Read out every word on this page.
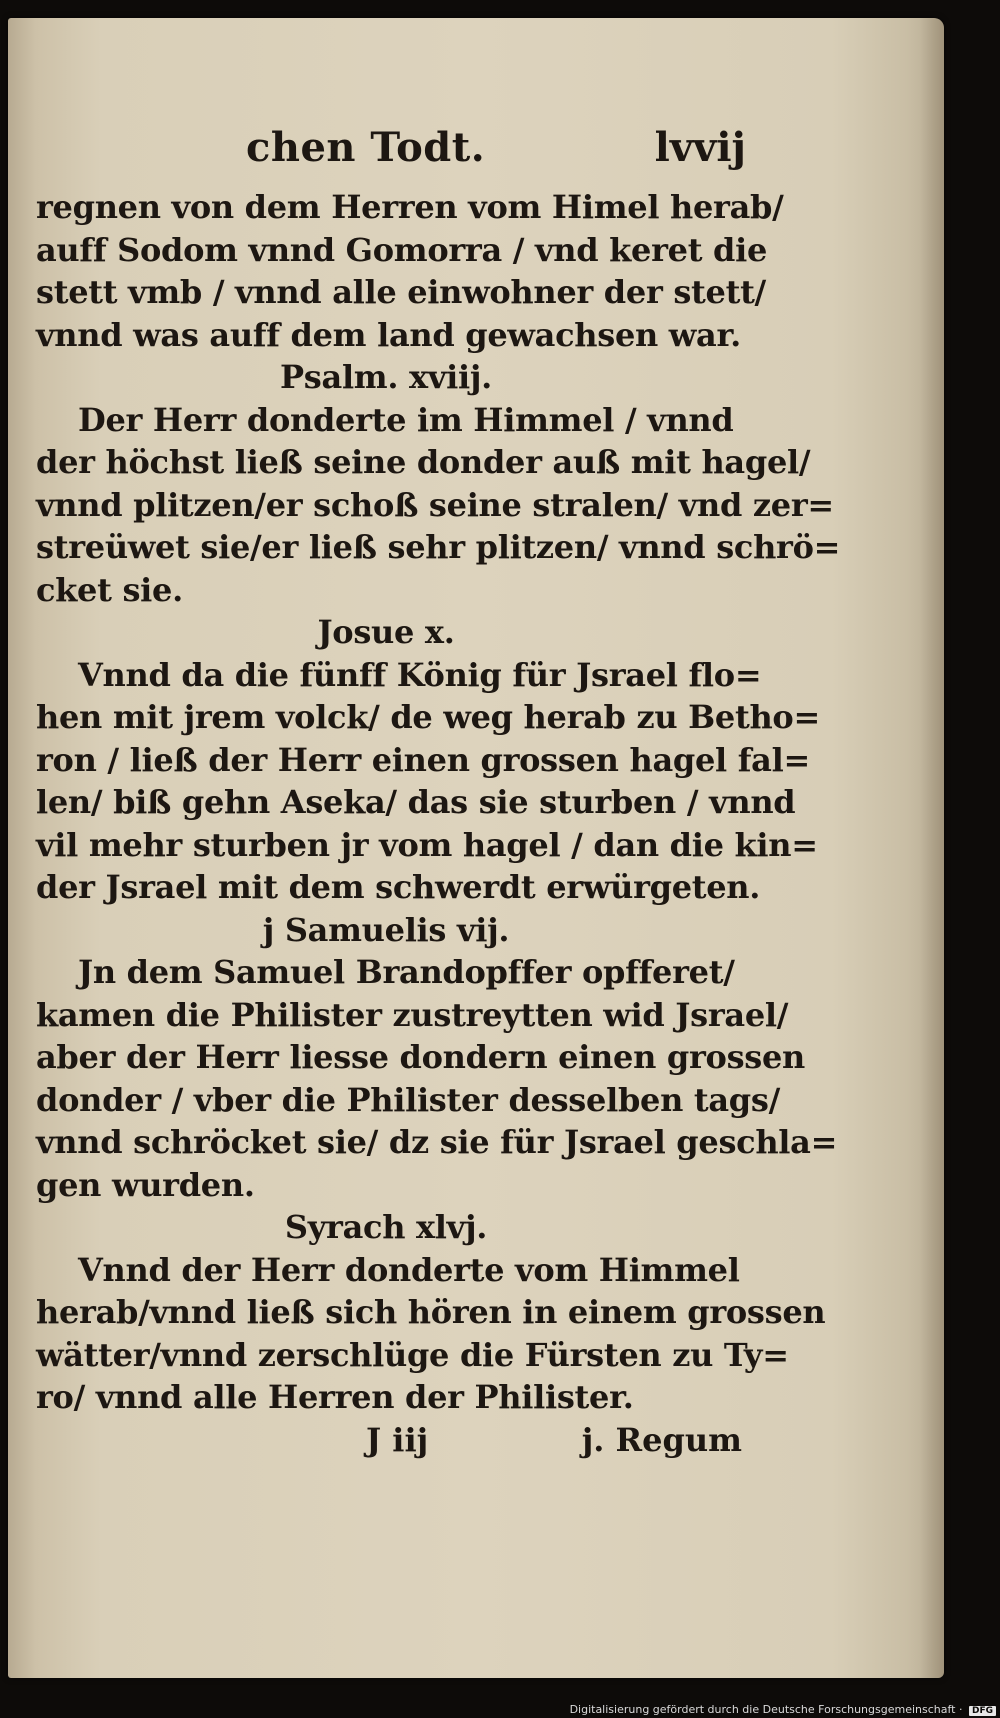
chen Todt.	lvvij
regnen von dem Herren vom Himel herab/
auff Sodom vnnd Gomorra / vnd keret die
stett vmb / vnnd alle einwohner der stett/
vnnd was auff dem land gewachsen war.
Psalm. xviij.
Der Herr donderte im Himmel / vnnd
der höchst ließ seine donder auß mit hagel/
vnnd plitzen/er schoß seine stralen/ vnd zer=
streüwet sie/er ließ sehr plitzen/ vnnd schrö=
cket sie.
Josue x.
Vnnd da die fünff König für Jsrael flo=
hen mit jrem volck/ de weg herab zu Betho=
ron / ließ der Herr einen grossen hagel fal=
len/ biß gehn Aseka/ das sie sturben / vnnd
vil mehr sturben jr vom hagel / dan die kin=
der Jsrael mit dem schwerdt erwürgeten.
j Samuelis vij.
Jn dem Samuel Brandopffer opfferet/
kamen die Philister zustreytten wid Jsrael/
aber der Herr liesse dondern einen grossen
donder / vber die Philister desselben tags/
vnnd schröcket sie/ dz sie für Jsrael geschla=
gen wurden.
Syrach xlvj.
Vnnd der Herr donderte vom Himmel
herab/vnnd ließ sich hören in einem grossen
wätter/vnnd zerschlüge die Fürsten zu Ty=
ro/ vnnd alle Herren der Philister.
J iij	j. Regum
Digitalisierung gefördert durch die Deutsche Forschungsgemeinschaft · DFG
